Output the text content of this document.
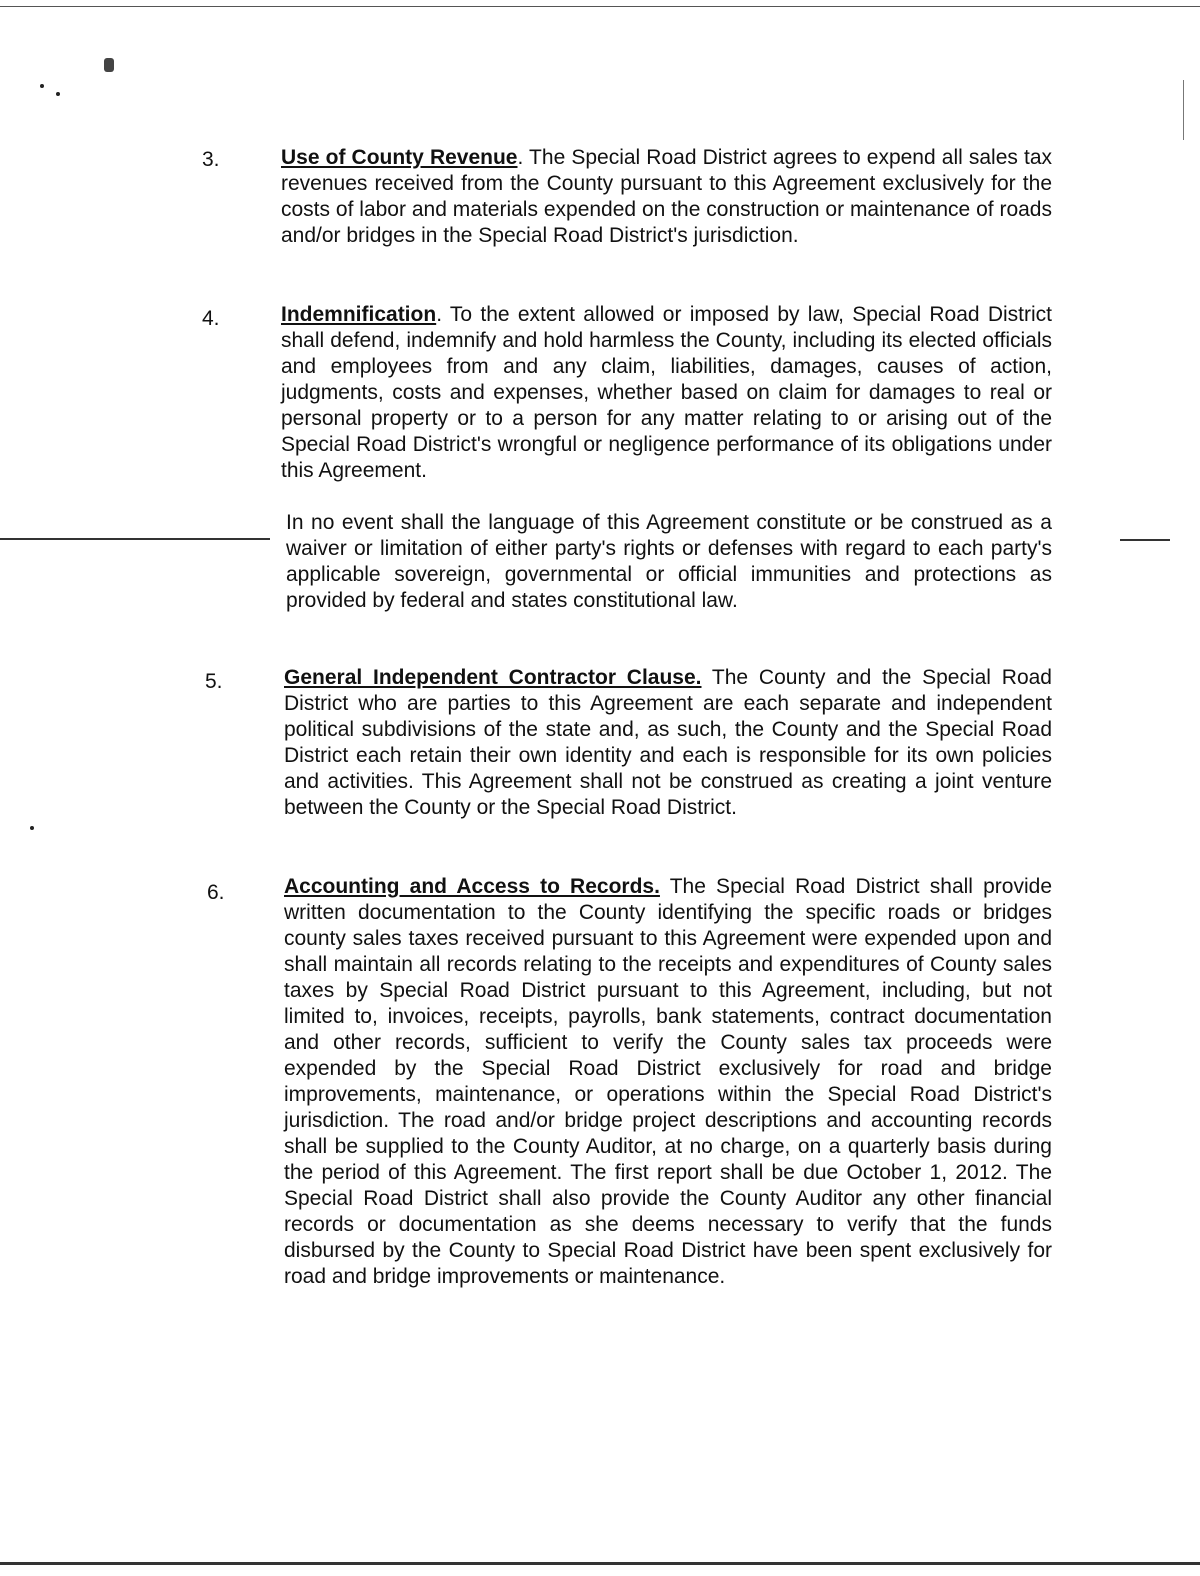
3.	Use of County Revenue. The Special Road District agrees to expend all sales tax revenues received from the County pursuant to this Agreement exclusively for the costs of labor and materials expended on the construction or maintenance of roads and/or bridges in the Special Road District's jurisdiction.

4.	Indemnification. To the extent allowed or imposed by law, Special Road District shall defend, indemnify and hold harmless the County, including its elected officials and employees from and any claim, liabilities, damages, causes of action, judgments, costs and expenses, whether based on claim for damages to real or personal property or to a person for any matter relating to or arising out of the Special Road District's wrongful or negligence performance of its obligations under this Agreement.

In no event shall the language of this Agreement constitute or be construed as a waiver or limitation of either party's rights or defenses with regard to each party's applicable sovereign, governmental or official immunities and protections as provided by federal and states constitutional law.

5.	General Independent Contractor Clause. The County and the Special Road District who are parties to this Agreement are each separate and independent political subdivisions of the state and, as such, the County and the Special Road District each retain their own identity and each is responsible for its own policies and activities. This Agreement shall not be construed as creating a joint venture between the County or the Special Road District.

6.	Accounting and Access to Records. The Special Road District shall provide written documentation to the County identifying the specific roads or bridges county sales taxes received pursuant to this Agreement were expended upon and shall maintain all records relating to the receipts and expenditures of County sales taxes by Special Road District pursuant to this Agreement, including, but not limited to, invoices, receipts, payrolls, bank statements, contract documentation and other records, sufficient to verify the County sales tax proceeds were expended by the Special Road District exclusively for road and bridge improvements, maintenance, or operations within the Special Road District's jurisdiction. The road and/or bridge project descriptions and accounting records shall be supplied to the County Auditor, at no charge, on a quarterly basis during the period of this Agreement. The first report shall be due October 1, 2012. The Special Road District shall also provide the County Auditor any other financial records or documentation as she deems necessary to verify that the funds disbursed by the County to Special Road District have been spent exclusively for road and bridge improvements or maintenance.
